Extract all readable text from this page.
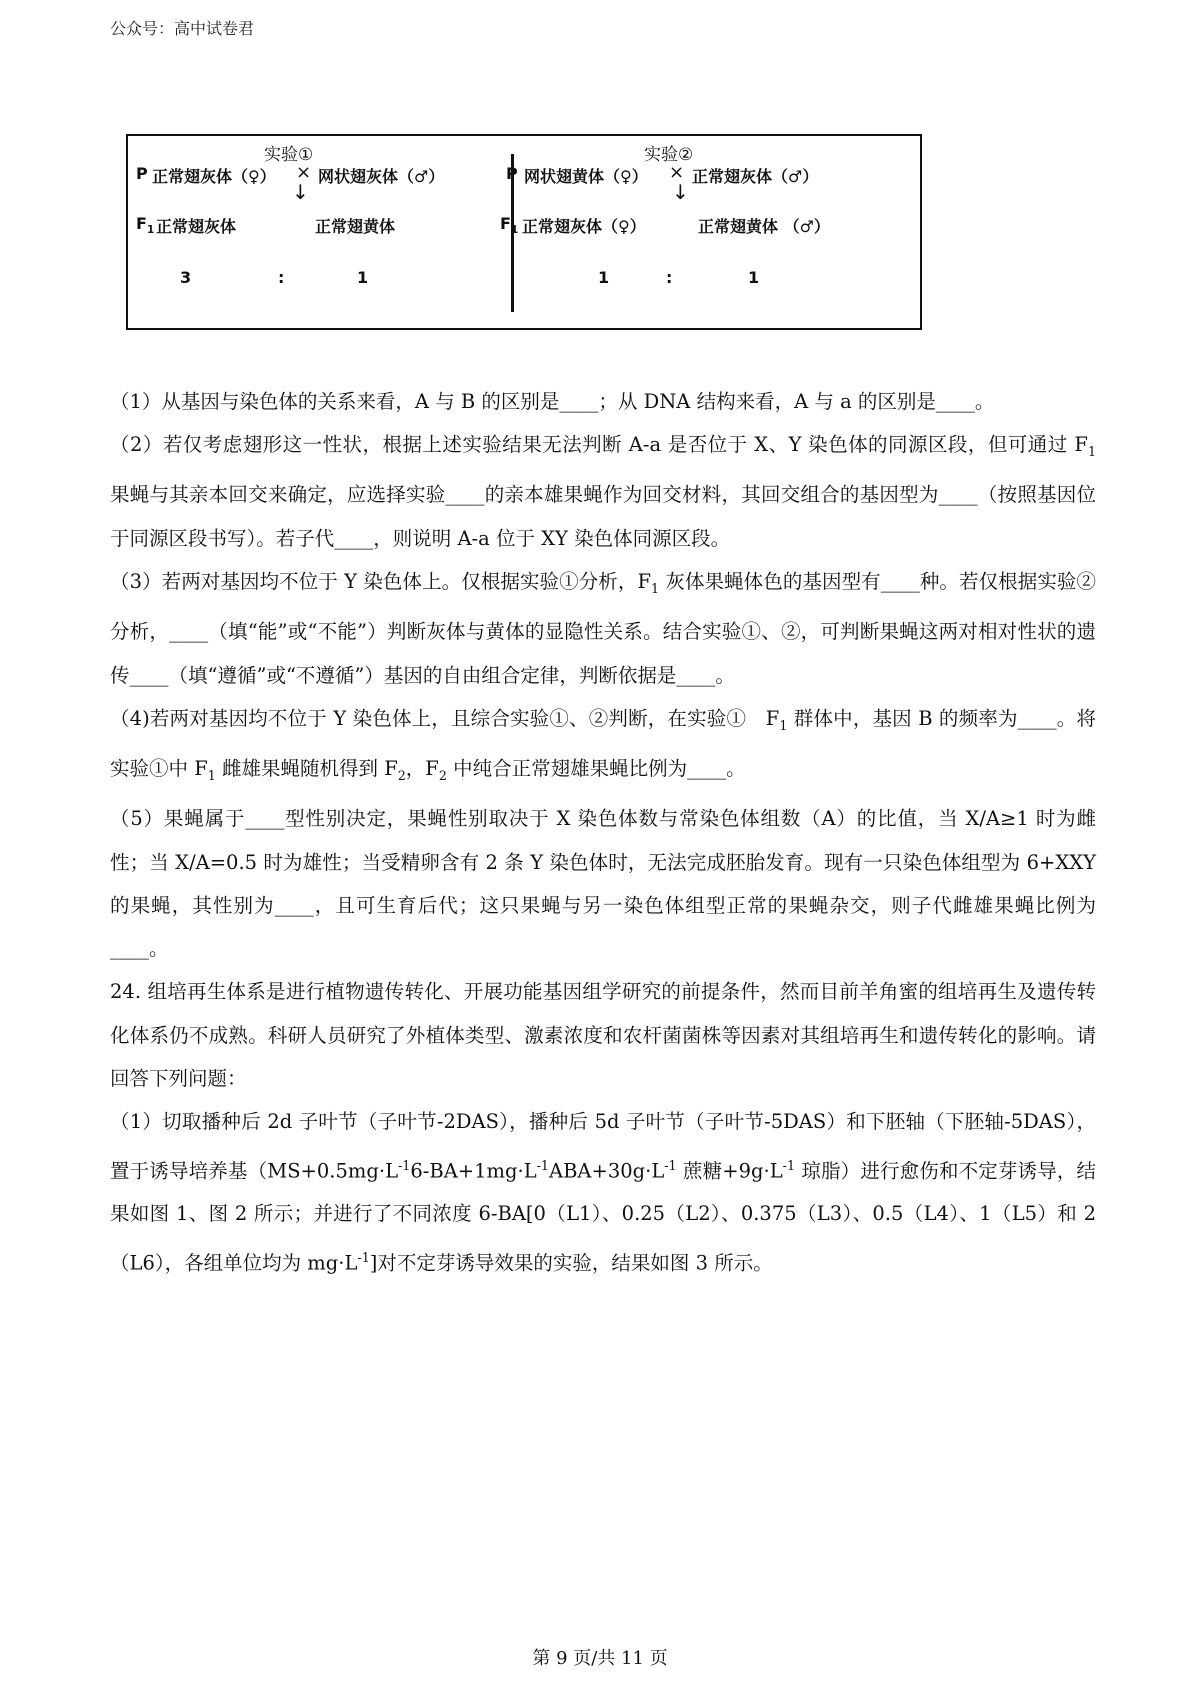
公众号：高中试卷君
实验①
P 正常翅灰体（♀） × 网状翅灰体（♂）
↓
$F_1$ 正常翅灰体	正常翅黄体
3	:	1
实验②
P 网状翅黄体（♀） × 正常翅灰体（♂）
↓
$F_1$ 正常翅灰体（♀）	正常翅黄体 （♂）
1	:	1

（1）从基因与染色体的关系来看，A 与 B 的区别是____；从 DNA 结构来看，A 与 a 的区别是____。

（2）若仅考虑翅形这一性状，根据上述实验结果无法判断 A-a 是否位于 X、Y 染色体的同源区段，但可通过 $F_1$ 果蝇与其亲本回交来确定，应选择实验____的亲本雄果蝇作为回交材料，其回交组合的基因型为____（按照基因位于同源区段书写）。若子代____，则说明 A-a 位于 XY 染色体同源区段。

（3）若两对基因均不位于 Y 染色体上。仅根据实验①分析，$F_1$ 灰体果蝇体色的基因型有____种。若仅根据实验②分析，____（填“能”或“不能”）判断灰体与黄体的显隐性关系。结合实验①、②，可判断果蝇这两对相对性状的遗传____（填“遵循”或“不遵循”）基因的自由组合定律，判断依据是____。

（4)若两对基因均不位于 Y 染色体上，且综合实验①、②判断，在实验①　$F_1$ 群体中，基因 B 的频率为____。将实验①中 $F_1$ 雌雄果蝇随机得到 $F_2$，$F_2$ 中纯合正常翅雄果蝇比例为____。

（5）果蝇属于____型性别决定，果蝇性别取决于 X 染色体数与常染色体组数（A）的比值，当 X/A≥1 时为雌性；当 X/A=0.5 时为雄性；当受精卵含有 2 条 Y 染色体时，无法完成胚胎发育。现有一只染色体组型为 6+XXY 的果蝇，其性别为____，且可生育后代；这只果蝇与另一染色体组型正常的果蝇杂交，则子代雌雄果蝇比例为____。

24. 组培再生体系是进行植物遗传转化、开展功能基因组学研究的前提条件，然而目前羊角蜜的组培再生及遗传转化体系仍不成熟。科研人员研究了外植体类型、激素浓度和农杆菌菌株等因素对其组培再生和遗传转化的影响。请回答下列问题：

（1）切取播种后 2d 子叶节（子叶节-2DAS），播种后 5d 子叶节（子叶节-5DAS）和下胚轴（下胚轴-5DAS），置于诱导培养基（$MS+0.5mg\cdot L^{-1}6-BA+1mg\cdot L^{-1}ABA+30g\cdot L^{-1}$ 蔗糖$+9g\cdot L^{-1}$ 琼脂）进行愈伤和不定芽诱导，结果如图 1、图 2 所示；并进行了不同浓度 6-BA[0（L1）、0.25（L2）、0.375（L3）、0.5（L4）、1（L5）和 2（L6），各组单位均为 $mg\cdot L^{-1}$]对不定芽诱导效果的实验，结果如图 3 所示。

第 9 页/共 11 页
